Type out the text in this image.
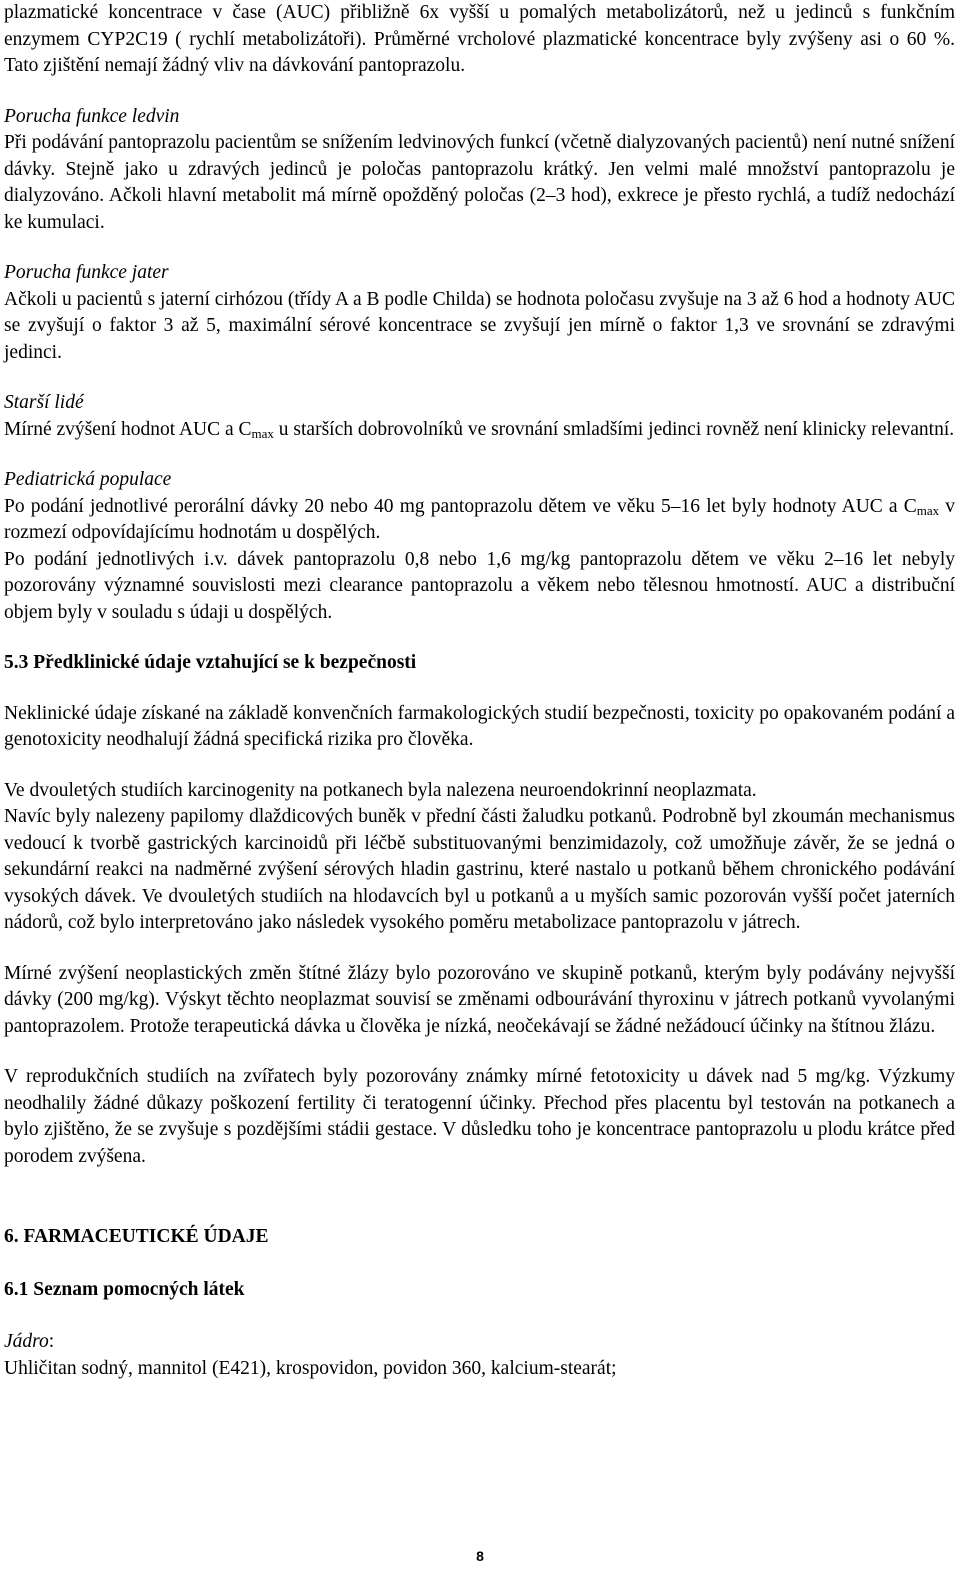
plazmatické koncentrace v čase (AUC) přibližně 6x vyšší u pomalých metabolizátorů, než u jedinců s funkčním enzymem CYP2C19 ( rychlí metabolizátoři). Průměrné vrcholové plazmatické koncentrace byly zvýšeny asi o 60 %. Tato zjištění nemají žádný vliv na dávkování pantoprazolu.

Porucha funkce ledvin

Při podávání pantoprazolu pacientům se snížením ledvinových funkcí (včetně dialyzovaných pacientů) není nutné snížení dávky. Stejně jako u zdravých jedinců je poločas pantoprazolu krátký. Jen velmi malé množství pantoprazolu je dialyzováno. Ačkoli hlavní metabolit má mírně opožděný poločas (2–3 hod), exkrece je přesto rychlá, a tudíž nedochází ke kumulaci.

Porucha funkce jater

Ačkoli u pacientů s jaterní cirhózou (třídy A a B podle Childa) se hodnota poločasu zvyšuje na 3 až 6 hod a hodnoty AUC se zvyšují o faktor 3 až 5, maximální sérové koncentrace se zvyšují jen mírně o faktor 1,3 ve srovnání se zdravými jedinci.

Starší lidé

Mírné zvýšení hodnot AUC a $C_{max}$ u starších dobrovolníků ve srovnání smladšími jedinci rovněž není klinicky relevantní.

Pediatrická populace

Po podání jednotlivé perorální dávky 20 nebo 40 mg pantoprazolu dětem ve věku 5–16 let byly hodnoty AUC a $C_{max}$ v rozmezí odpovídajícímu hodnotám u dospělých.

Po podání jednotlivých i.v. dávek pantoprazolu 0,8 nebo 1,6 mg/kg pantoprazolu dětem ve věku 2–16 let nebyly pozorovány významné souvislosti mezi clearance pantoprazolu a věkem nebo tělesnou hmotností. AUC a distribuční objem byly v souladu s údaji u dospělých.

5.3 Předklinické údaje vztahující se k bezpečnosti

Neklinické údaje získané na základě konvenčních farmakologických studií bezpečnosti, toxicity po opakovaném podání a genotoxicity neodhalují žádná specifická rizika pro člověka.

Ve dvouletých studiích karcinogenity na potkanech byla nalezena neuroendokrinní neoplazmata.

Navíc byly nalezeny papilomy dlaždicových buněk v přední části žaludku potkanů. Podrobně byl zkoumán mechanismus vedoucí k tvorbě gastrických karcinoidů při léčbě substituovanými benzimidazoly, což umožňuje závěr, že se jedná o sekundární reakci na nadměrné zvýšení sérových hladin gastrinu, které nastalo u potkanů během chronického podávání vysokých dávek. Ve dvouletých studiích na hlodavcích byl u potkanů a u myších samic pozorován vyšší počet jaterních nádorů, což bylo interpretováno jako následek vysokého poměru metabolizace pantoprazolu v játrech.

Mírné zvýšení neoplastických změn štítné žlázy bylo pozorováno ve skupině potkanů, kterým byly podávány nejvyšší dávky (200 mg/kg). Výskyt těchto neoplazmat souvisí se změnami odbourávání thyroxinu v játrech potkanů vyvolanými pantoprazolem. Protože terapeutická dávka u člověka je nízká, neočekávají se žádné nežádoucí účinky na štítnou žlázu.

V reprodukčních studiích na zvířatech byly pozorovány známky mírné fetotoxicity u dávek nad 5 mg/kg. Výzkumy neodhalily žádné důkazy poškození fertility či teratogenní účinky. Přechod přes placentu byl testován na potkanech a bylo zjištěno, že se zvyšuje s pozdějšími stádii gestace. V důsledku toho je koncentrace pantoprazolu u plodu krátce před porodem zvýšena.

6. FARMACEUTICKÉ ÚDAJE

6.1 Seznam pomocných látek

Jádro:

Uhličitan sodný, mannitol (E421), krospovidon, povidon 360, kalcium-stearát;

8
